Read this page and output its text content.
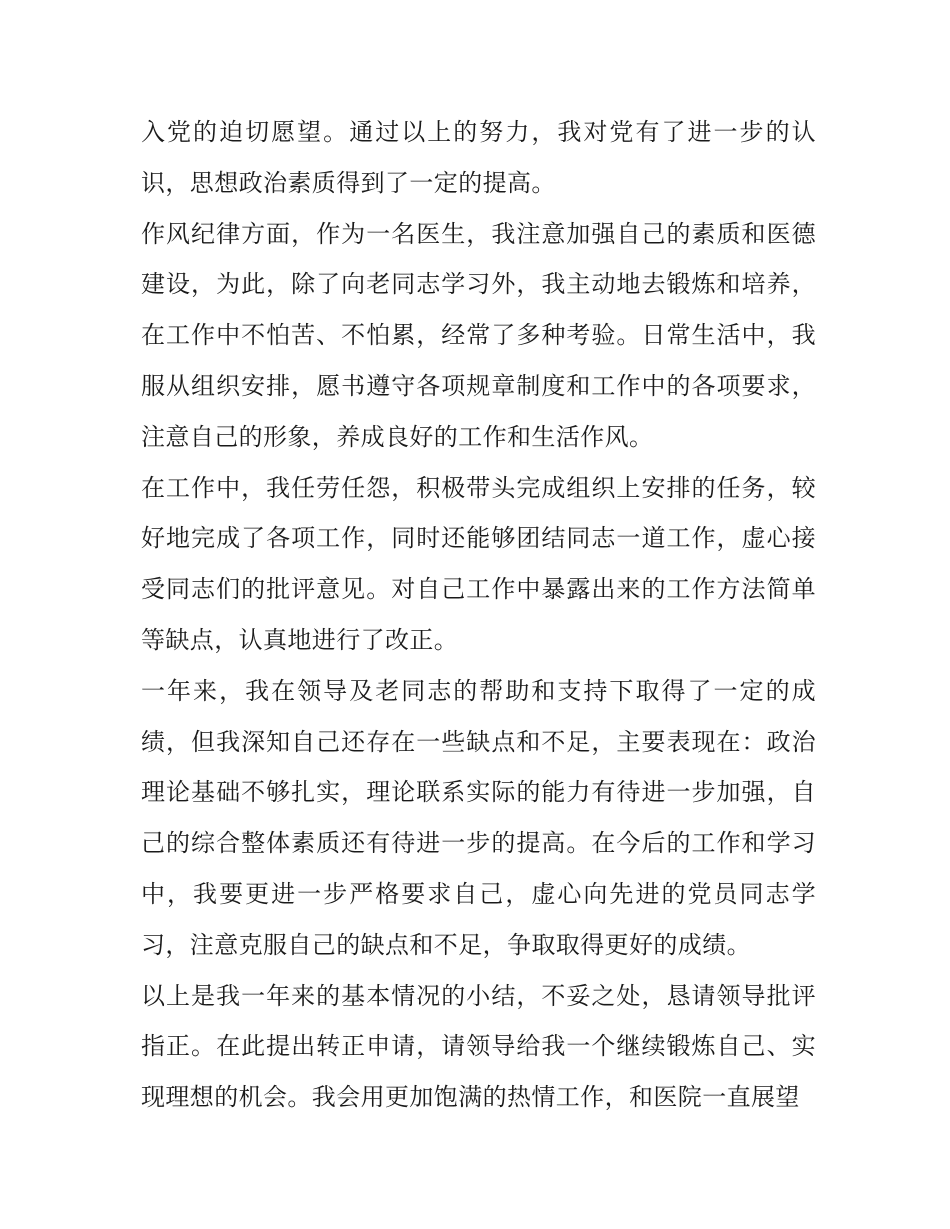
入党的迫切愿望。通过以上的努力，我对党有了进一步的认识，思想政治素质得到了一定的提高。

作风纪律方面，作为一名医生，我注意加强自己的素质和医德建设，为此，除了向老同志学习外，我主动地去锻炼和培养，在工作中不怕苦、不怕累，经常了多种考验。日常生活中，我服从组织安排，愿书遵守各项规章制度和工作中的各项要求，注意自己的形象，养成良好的工作和生活作风。

在工作中，我任劳任怨，积极带头完成组织上安排的任务，较好地完成了各项工作，同时还能够团结同志一道工作，虚心接受同志们的批评意见。对自己工作中暴露出来的工作方法简单等缺点，认真地进行了改正。

一年来，我在领导及老同志的帮助和支持下取得了一定的成绩，但我深知自己还存在一些缺点和不足，主要表现在：政治理论基础不够扎实，理论联系实际的能力有待进一步加强，自己的综合整体素质还有待进一步的提高。在今后的工作和学习中，我要更进一步严格要求自己，虚心向先进的党员同志学习，注意克服自己的缺点和不足，争取取得更好的成绩。

以上是我一年来的基本情况的小结，不妥之处，恳请领导批评指正。在此提出转正申请，请领导给我一个继续锻炼自己、实现理想的机会。我会用更加饱满的热情工作，和医院一直展望
